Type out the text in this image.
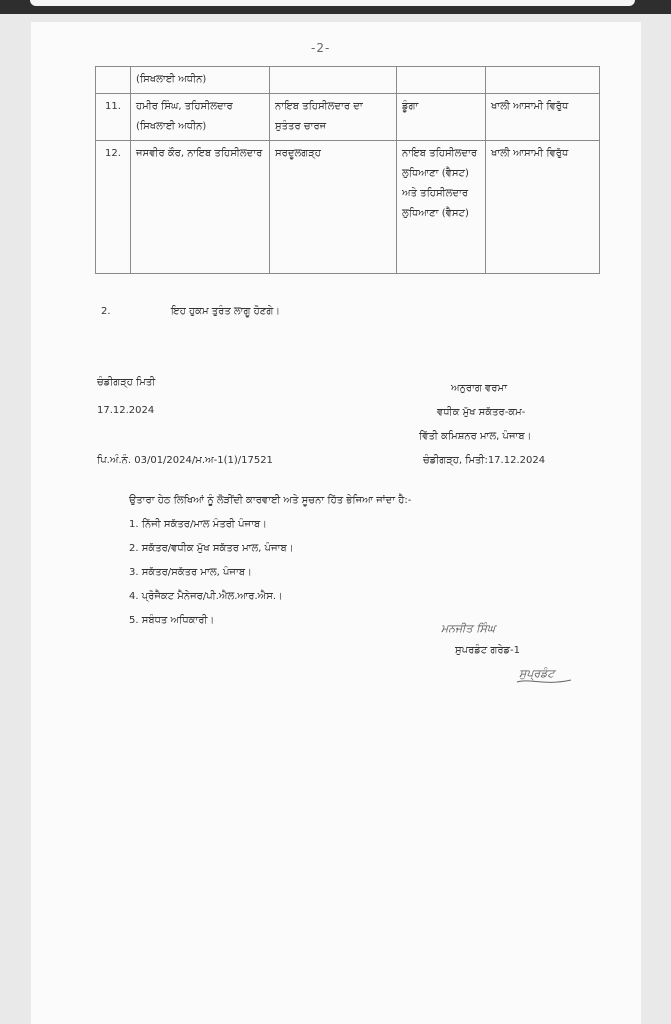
-2-
	(ਸਿਖਲਾਈ ਅਧੀਨ)			
11.	ਹਮੀਰ ਸਿੰਘ, ਤਹਿਸੀਲਦਾਰ (ਸਿਖਲਾਈ ਅਧੀਨ)	ਨਾਇਬ ਤਹਿਸੀਲਦਾਰ ਦਾ ਸੁਤੰਤਰ ਚਾਰਜ	ਡੂੰਗਾ	ਖਾਲੀ ਆਸਾਮੀ ਵਿਰੁੱਧ
12.	ਜਸਵੀਰ ਕੌਰ, ਨਾਇਬ ਤਹਿਸੀਲਦਾਰ	ਸਰਦੂਲਗੜ੍ਹ	ਨਾਇਬ ਤਹਿਸੀਲਦਾਰ ਲੁਧਿਆਣਾ (ਵੈਸਟ) ਅਤੇ ਤਹਿਸੀਲਦਾਰ ਲੁਧਿਆਣਾ (ਵੈਸਟ)	ਖਾਲੀ ਆਸਾਮੀ ਵਿਰੁੱਧ
2.	ਇਹ ਹੁਕਮ ਤੁਰੰਤ ਲਾਗੂ ਹੋਣਗੇ।
ਚੰਡੀਗੜ੍ਹ ਮਿਤੀ
17.12.2024
ਅਨੁਰਾਗ ਵਰਮਾ
ਵਧੀਕ ਮੁੱਖ ਸਕੱਤਰ-ਕਮ-
ਵਿੱਤੀ ਕਮਿਸ਼ਨਰ ਮਾਲ, ਪੰਜਾਬ।
ਪਿ.ਅੰ.ਨੰ. 03/01/2024/ਮ.ਅ-1(1)/17521	ਚੰਡੀਗੜ੍ਹ, ਮਿਤੀ:17.12.2024
ਉਤਾਰਾ ਹੇਠ ਲਿਖਿਆਂ ਨੂੰ ਲੋੜੀਂਦੀ ਕਾਰਵਾਈ ਅਤੇ ਸੂਚਨਾ ਹਿੱਤ ਭੇਜਿਆ ਜਾਂਦਾ ਹੈ:-
1. ਨਿੱਜੀ ਸਕੱਤਰ/ਮਾਲ ਮੰਤਰੀ ਪੰਜਾਬ।
2. ਸਕੱਤਰ/ਵਧੀਕ ਮੁੱਖ ਸਕੱਤਰ ਮਾਲ, ਪੰਜਾਬ।
3. ਸਕੱਤਰ/ਸਕੱਤਰ ਮਾਲ, ਪੰਜਾਬ।
4. ਪ੍ਰੋਜੈਕਟ ਮੈਨੇਜਰ/ਪੀ.ਐਲ.ਆਰ.ਐਸ.।
5. ਸਬੰਧਤ ਅਧਿਕਾਰੀ।
ਮਨਜੀਤ ਸਿੰਘ
ਸੁਪਰਡੰਟ ਗਰੇਡ-1
ਸੁਪ੍ਰਡੰਟ
